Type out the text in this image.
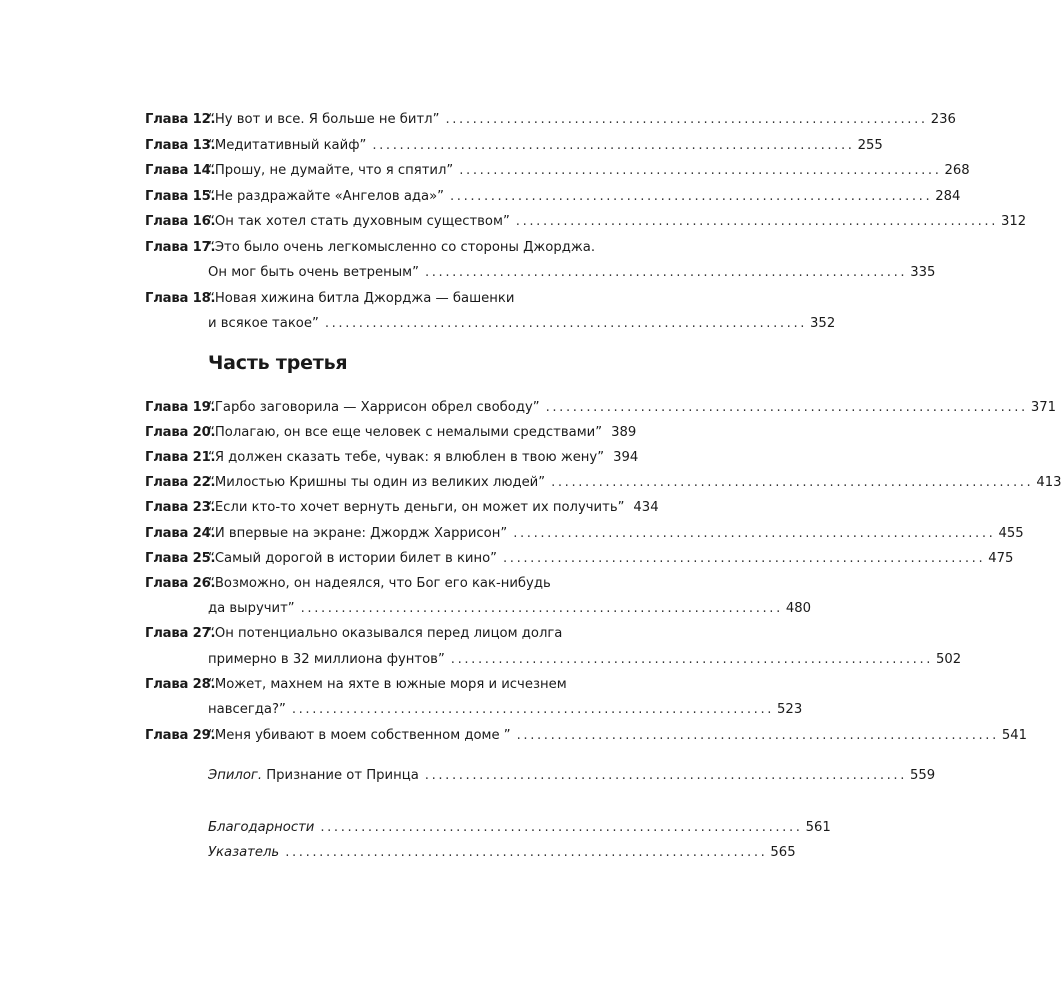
Глава 12.
“Ну вот и все. Я больше не битл” ....................................................................... 236
Глава 13.
“Медитативный кайф” ....................................................................... 255
Глава 14.
“Прошу, не думайте, что я спятил” ....................................................................... 268
Глава 15.
“Не раздражайте «Ангелов ада»” ....................................................................... 284
Глава 16.
“Он так хотел стать духовным существом” ....................................................................... 312
Глава 17.
“Это было очень легкомысленно со стороны Джорджа.
Он мог быть очень ветреным” ....................................................................... 335
Глава 18.
“Новая хижина битла Джорджа — башенки
и всякое такое” ....................................................................... 352
Часть третья
Глава 19.
“Гарбо заговорила — Харрисон обрел свободу” ....................................................................... 371
Глава 20.
“Полагаю, он все еще человек с немалыми средствами” 389
Глава 21.
“Я должен сказать тебе, чувак: я влюблен в твою жену” 394
Глава 22.
“Милостью Кришны ты один из великих людей” ....................................................................... 413
Глава 23.
“Если кто-то хочет вернуть деньги, он может их получить” 434
Глава 24.
“И впервые на экране: Джордж Харрисон” ....................................................................... 455
Глава 25.
“Самый дорогой в истории билет в кино” ....................................................................... 475
Глава 26.
“Возможно, он надеялся, что Бог его как-нибудь
да выручит” ....................................................................... 480
Глава 27.
“Он потенциально оказывался перед лицом долга
примерно в 32 миллиона фунтов” ....................................................................... 502
Глава 28.
“Может, махнем на яхте в южные моря и исчезнем
навсегда?” ....................................................................... 523
Глава 29.
“Меня убивают в моем собственном доме ” ....................................................................... 541
Эпилог. Признание от Принца ....................................................................... 559
Благодарности ....................................................................... 561
Указатель ....................................................................... 565
